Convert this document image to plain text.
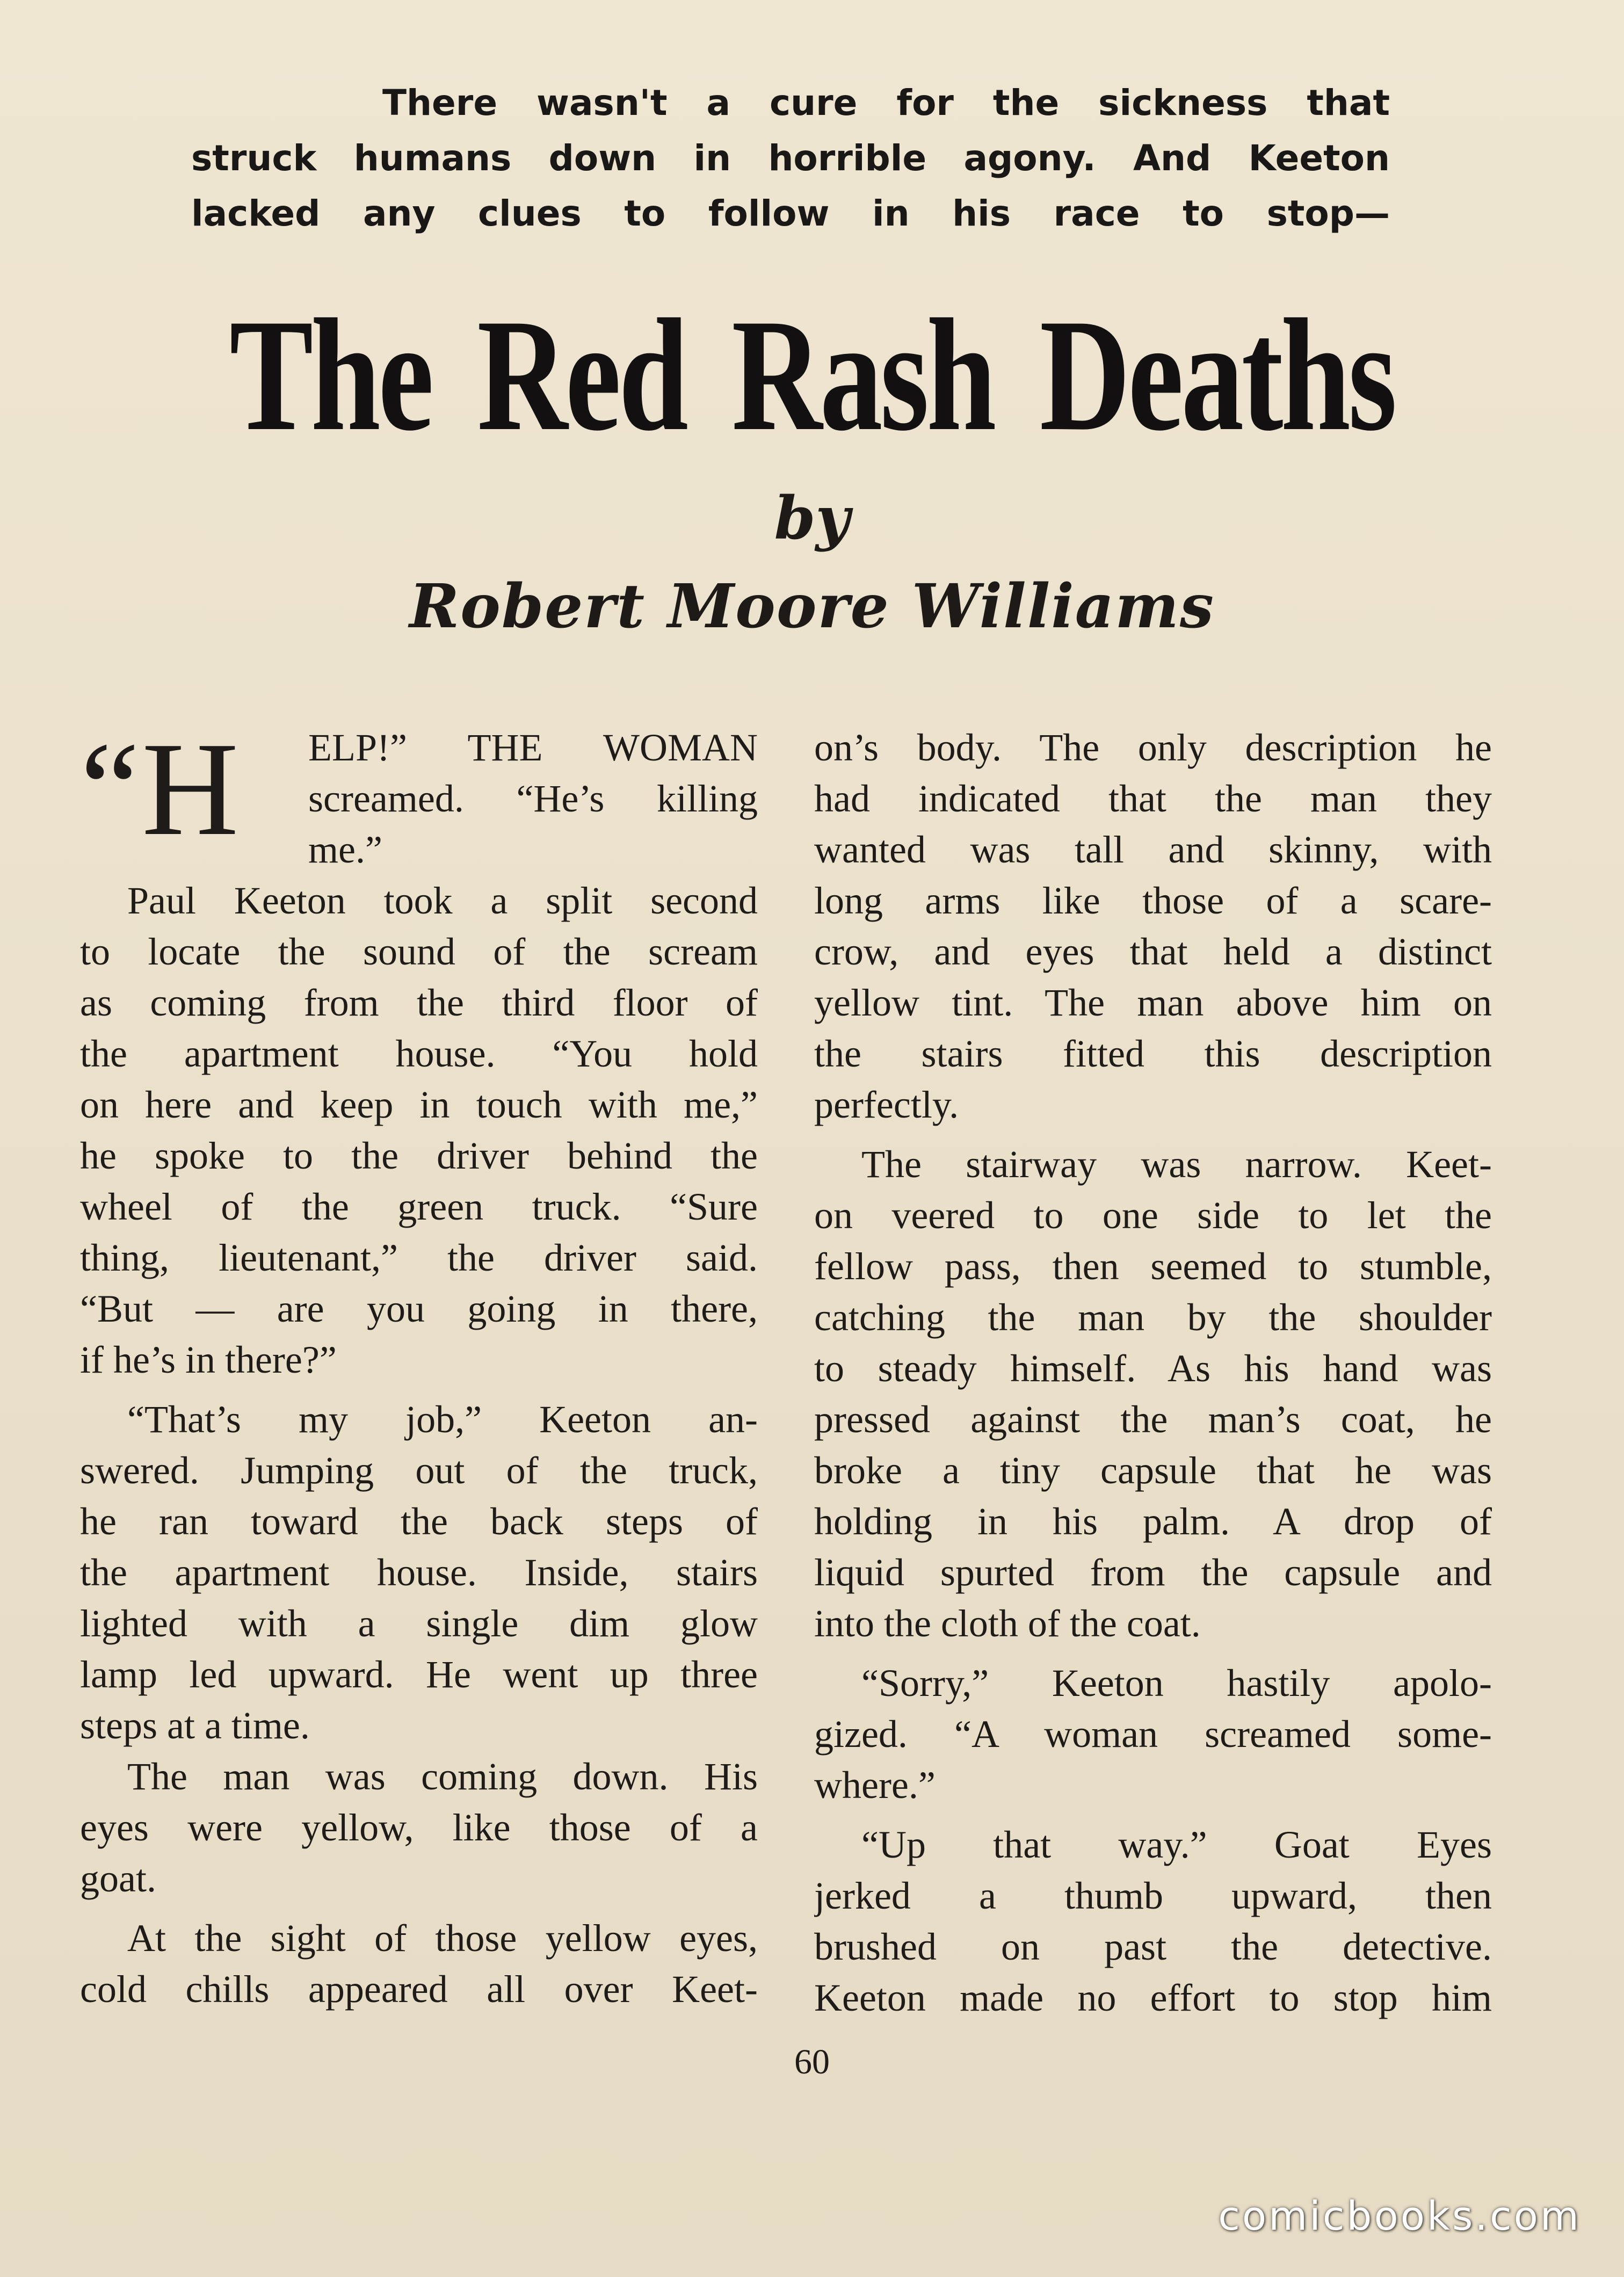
There wasn't a cure for the sickness that
struck humans down in horrible agony. And Keeton
lacked any clues to follow in his race to stop—
The Red Rash Deaths
by
Robert Moore Williams
“H	ELP!” THE WOMAN
screamed. “He’s killing
me.”
Paul Keeton took a split second
to locate the sound of the scream
as coming from the third floor of
the apartment house. “You hold
on here and keep in touch with me,”
he spoke to the driver behind the
wheel of the green truck. “Sure
thing, lieutenant,” the driver said.
“But — are you going in there,
if he’s in there?”
“That’s my job,” Keeton an-
swered. Jumping out of the truck,
he ran toward the back steps of
the apartment house. Inside, stairs
lighted with a single dim glow
lamp led upward. He went up three
steps at a time.
The man was coming down. His
eyes were yellow, like those of a
goat.
At the sight of those yellow eyes,
cold chills appeared all over Keet-
on’s body. The only description he
had indicated that the man they
wanted was tall and skinny, with
long arms like those of a scare-
crow, and eyes that held a distinct
yellow tint. The man above him on
the stairs fitted this description
perfectly.
The stairway was narrow. Keet-
on veered to one side to let the
fellow pass, then seemed to stumble,
catching the man by the shoulder
to steady himself. As his hand was
pressed against the man’s coat, he
broke a tiny capsule that he was
holding in his palm. A drop of
liquid spurted from the capsule and
into the cloth of the coat.
“Sorry,” Keeton hastily apolo-
gized. “A woman screamed some-
where.”
“Up that way.” Goat Eyes
jerked a thumb upward, then
brushed on past the detective.
Keeton made no effort to stop him
60
comicbooks.com
